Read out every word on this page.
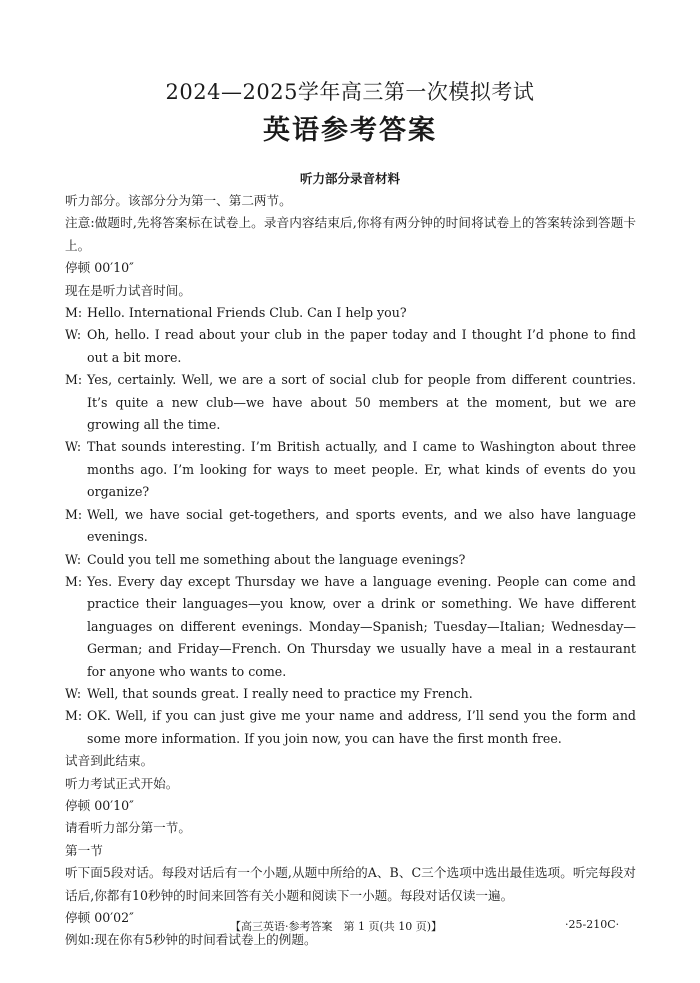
2024—2025学年高三第一次模拟考试
英语参考答案
听力部分录音材料

听力部分。该部分分为第一、第二两节。

注意:做题时,先将答案标在试卷上。录音内容结束后,你将有两分钟的时间将试卷上的答案转涂到答题卡上。

停顿 00′10″

现在是听力试音时间。

M: Hello. International Friends Club. Can I help you?

W: Oh, hello. I read about your club in the paper today and I thought I’d phone to find out a bit more.

M: Yes, certainly. Well, we are a sort of social club for people from different countries. It’s quite a new club—we have about 50 members at the moment, but we are growing all the time.

W: That sounds interesting. I’m British actually, and I came to Washington about three months ago. I’m looking for ways to meet people. Er, what kinds of events do you organize?

M: Well, we have social get-togethers, and sports events, and we also have language evenings.

W: Could you tell me something about the language evenings?

M: Yes. Every day except Thursday we have a language evening. People can come and practice their languages—you know, over a drink or something. We have different languages on different evenings. Monday—Spanish; Tuesday—Italian; Wednesday—German; and Friday—French. On Thursday we usually have a meal in a restaurant for anyone who wants to come.

W: Well, that sounds great. I really need to practice my French.

M: OK. Well, if you can just give me your name and address, I’ll send you the form and some more information. If you join now, you can have the first month free.

试音到此结束。

听力考试正式开始。

停顿 00′10″

请看听力部分第一节。

第一节

听下面5段对话。每段对话后有一个小题,从题中所给的A、B、C三个选项中选出最佳选项。听完每段对话后,你都有10秒钟的时间来回答有关小题和阅读下一小题。每段对话仅读一遍。

停顿 00′02″

例如:现在你有5秒钟的时间看试卷上的例题。

【高三英语·参考答案　第 1 页(共 10 页)】	·25-210C·
